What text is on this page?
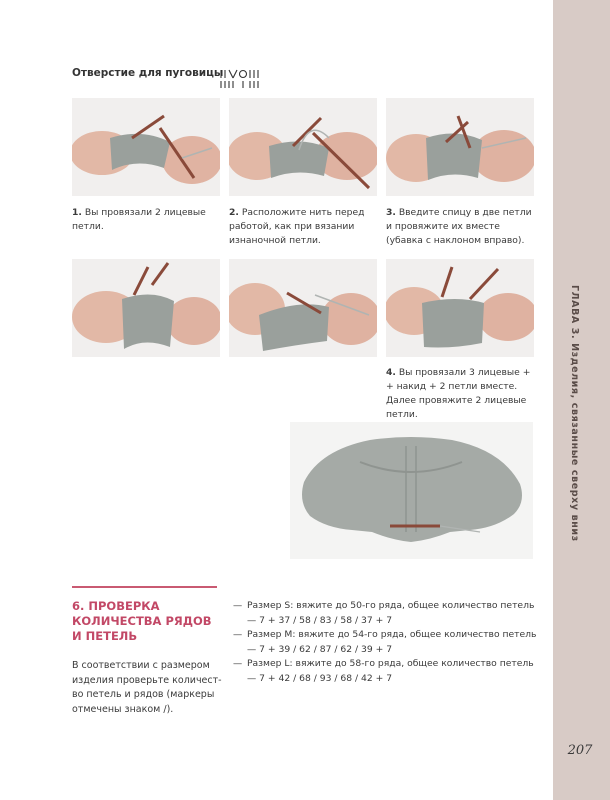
ГЛАВА 3. Изделия, связанные сверху вниз
207
Отверстие для пуговицы
1. Вы провязали 2 лицевые петли.
2. Расположите нить перед работой, как при вязании изнаночной петли.
3. Введите спицу в две петли и провяжите их вместе (убавка с наклоном вправо).
4. Вы провязали 3 лицевые + + накид + 2 петли вместе. Далее провяжите 2 лицевые петли.
6. ПРОВЕРКА КОЛИЧЕСТВА РЯДОВ И ПЕТЕЛЬ
В соответствии с размером изделия проверьте количество петель и рядов (маркеры отмечены знаком /).
— Размер S: вяжите до 50-го ряда, общее количество петель — 7 + 37 / 58 / 83 / 58 / 37 + 7
— Размер М: вяжите до 54-го ряда, общее количество петель — 7 + 39 / 62 / 87 / 62 / 39 + 7
— Размер L: вяжите до 58-го ряда, общее количество петель — 7 + 42 / 68 / 93 / 68 / 42 + 7
